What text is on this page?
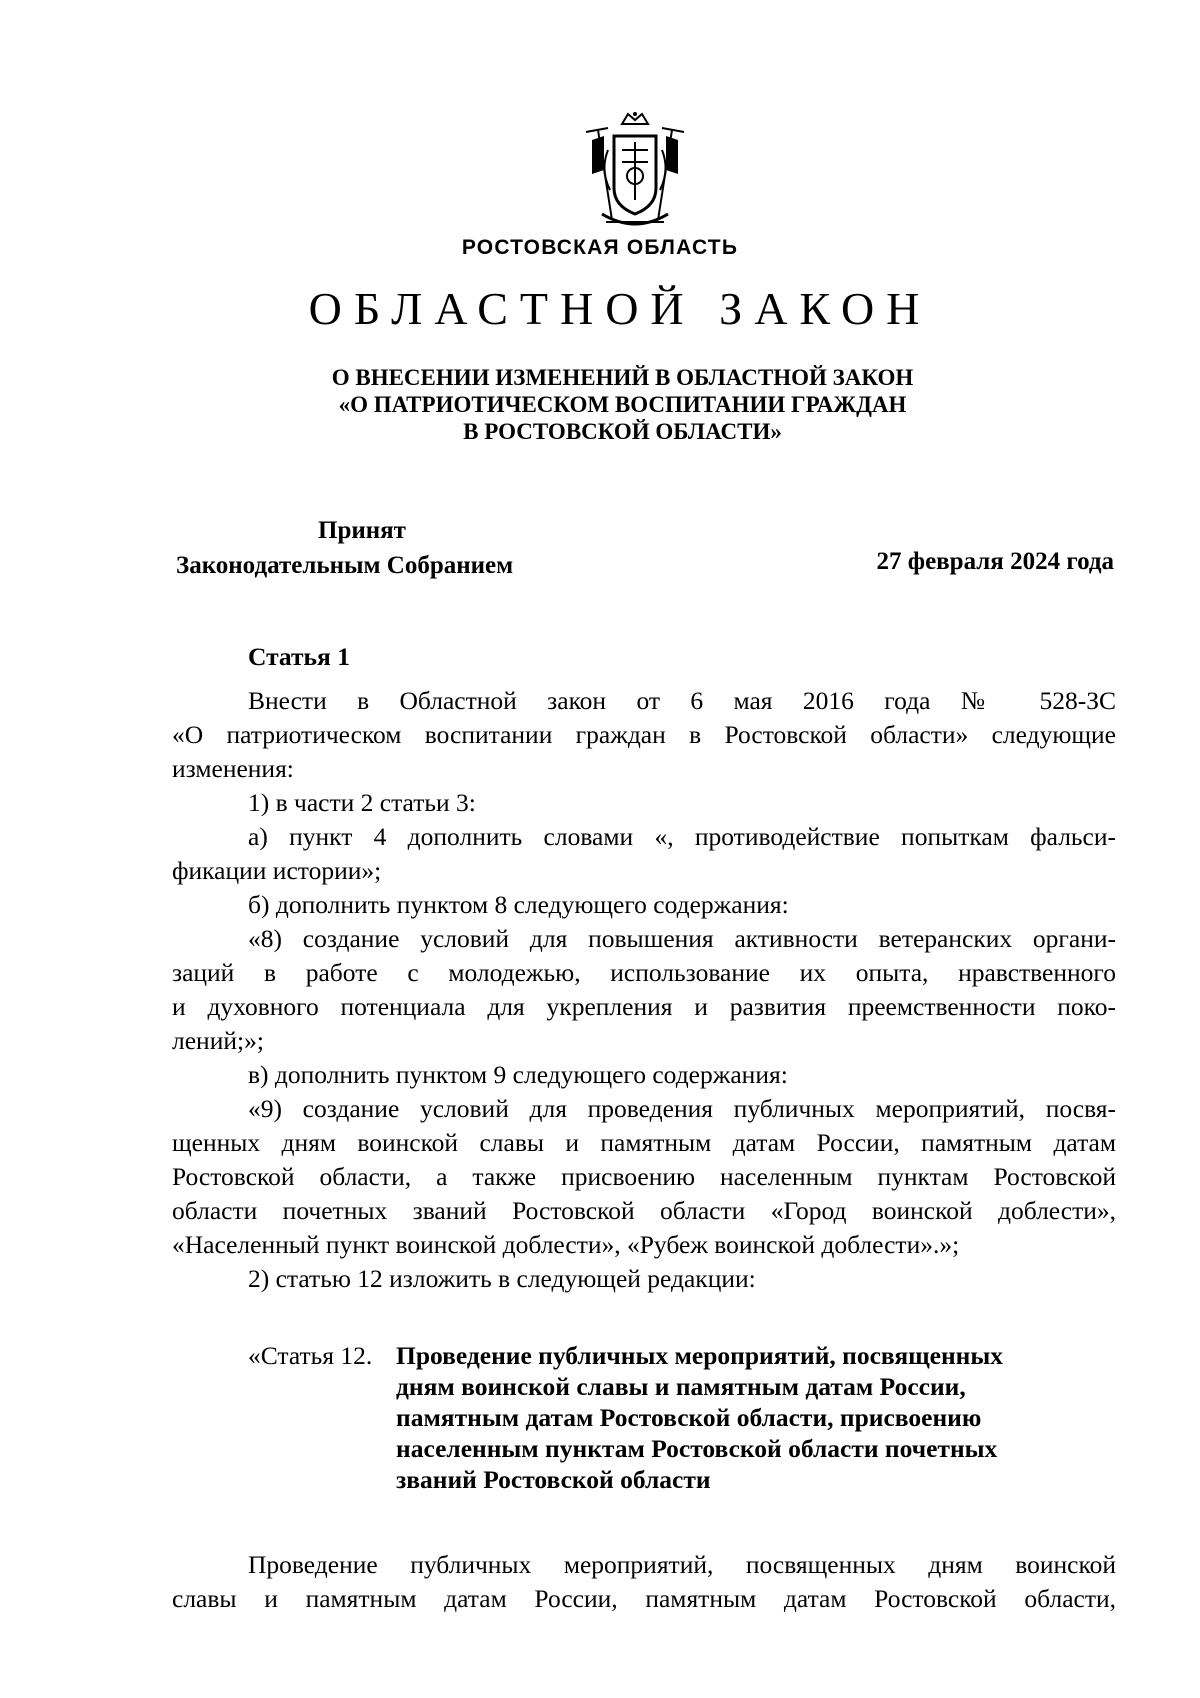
РОСТОВСКАЯ ОБЛАСТЬ
ОБЛАСТНОЙ ЗАКОН
О ВНЕСЕНИИ ИЗМЕНЕНИЙ В ОБЛАСТНОЙ ЗАКОН
«О ПАТРИОТИЧЕСКОМ ВОСПИТАНИИ ГРАЖДАН
В РОСТОВСКОЙ ОБЛАСТИ»
Принят
Законодательным Собранием	27 февраля 2024 года
Статья 1
Внести в Областной закон от 6 мая 2016 года № 528-ЗС
«О патриотическом воспитании граждан в Ростовской области» следующие
изменения:
1) в части 2 статьи 3:
а) пункт 4 дополнить словами «, противодействие попыткам фальси-
фикации истории»;
б) дополнить пунктом 8 следующего содержания:
«8) создание условий для повышения активности ветеранских органи-
заций в работе с молодежью, использование их опыта, нравственного
и духовного потенциала для укрепления и развития преемственности поко-
лений;»;
в) дополнить пунктом 9 следующего содержания:
«9) создание условий для проведения публичных мероприятий, посвя-
щенных дням воинской славы и памятным датам России, памятным датам
Ростовской области, а также присвоению населенным пунктам Ростовской
области почетных званий Ростовской области «Город воинской доблести»,
«Населенный пункт воинской доблести», «Рубеж воинской доблести».»;
2) статью 12 изложить в следующей редакции:
«Статья 12. Проведение публичных мероприятий, посвященных
дням воинской славы и памятным датам России,
памятным датам Ростовской области, присвоению
населенным пунктам Ростовской области почетных
званий Ростовской области
Проведение публичных мероприятий, посвященных дням воинской
славы и памятным датам России, памятным датам Ростовской области,
